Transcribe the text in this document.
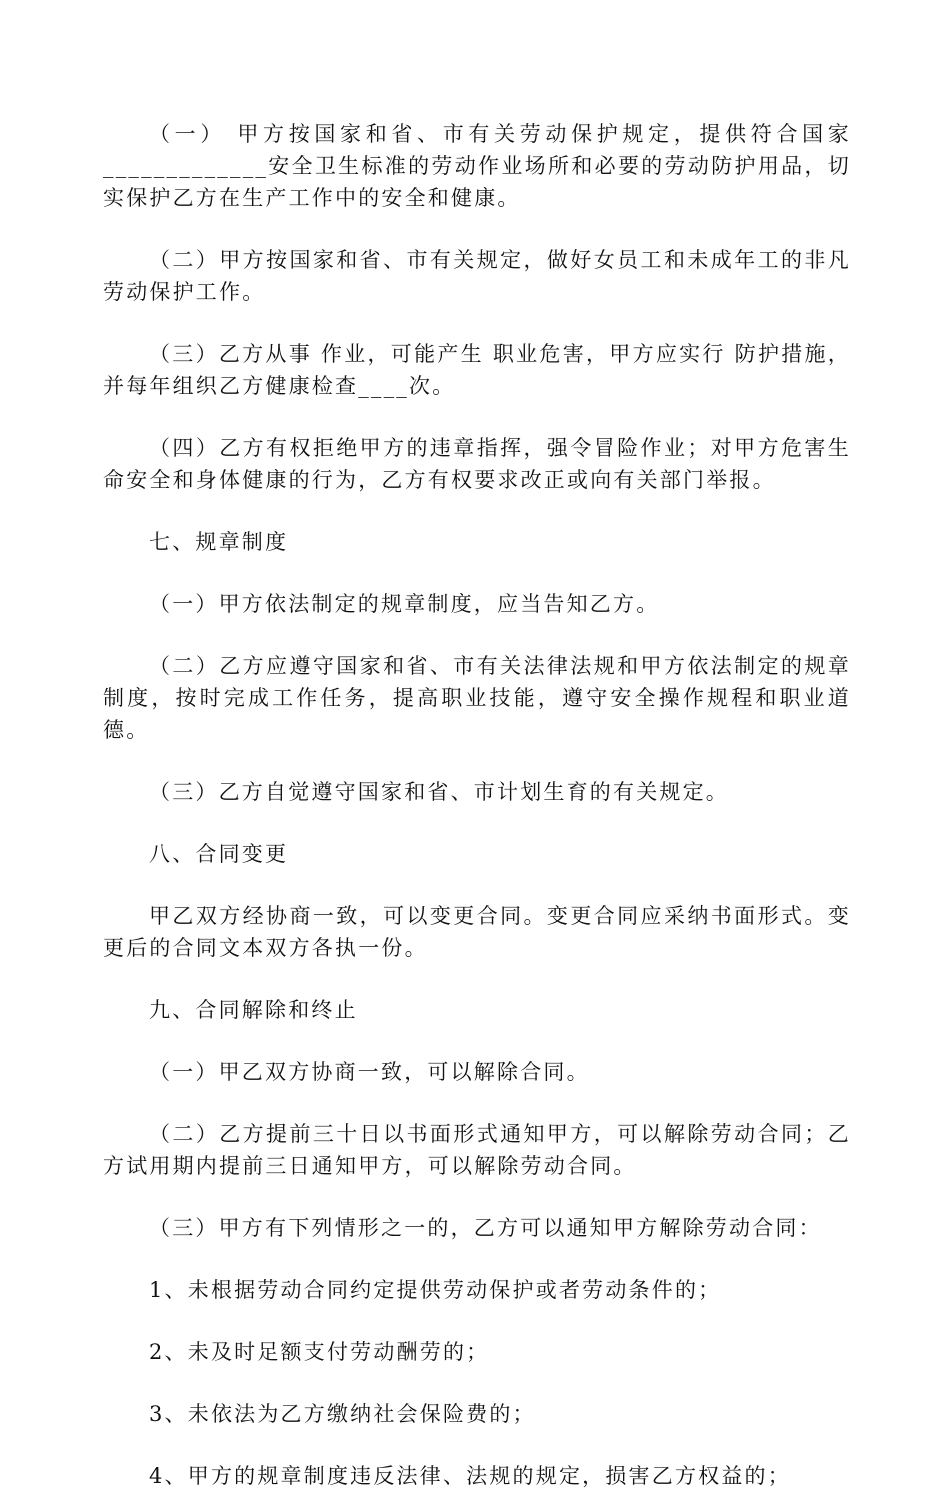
（一） 甲方按国家和省、市有关劳动保护规定，提供符合国家_____________安全卫生标准的劳动作业场所和必要的劳动防护用品，切实保护乙方在生产工作中的安全和健康。

（二）甲方按国家和省、市有关规定，做好女员工和未成年工的非凡劳动保护工作。

（三）乙方从事 作业，可能产生 职业危害，甲方应实行 防护措施，并每年组织乙方健康检查____次。

（四）乙方有权拒绝甲方的违章指挥，强令冒险作业；对甲方危害生命安全和身体健康的行为，乙方有权要求改正或向有关部门举报。

七、规章制度

（一）甲方依法制定的规章制度，应当告知乙方。

（二）乙方应遵守国家和省、市有关法律法规和甲方依法制定的规章制度，按时完成工作任务，提高职业技能，遵守安全操作规程和职业道德。

（三）乙方自觉遵守国家和省、市计划生育的有关规定。

八、合同变更

甲乙双方经协商一致，可以变更合同。变更合同应采纳书面形式。变更后的合同文本双方各执一份。

九、合同解除和终止

（一）甲乙双方协商一致，可以解除合同。

（二）乙方提前三十日以书面形式通知甲方，可以解除劳动合同；乙方试用期内提前三日通知甲方，可以解除劳动合同。

（三）甲方有下列情形之一的，乙方可以通知甲方解除劳动合同：

1、未根据劳动合同约定提供劳动保护或者劳动条件的；

2、未及时足额支付劳动酬劳的；

3、未依法为乙方缴纳社会保险费的；

4、甲方的规章制度违反法律、法规的规定，损害乙方权益的；
